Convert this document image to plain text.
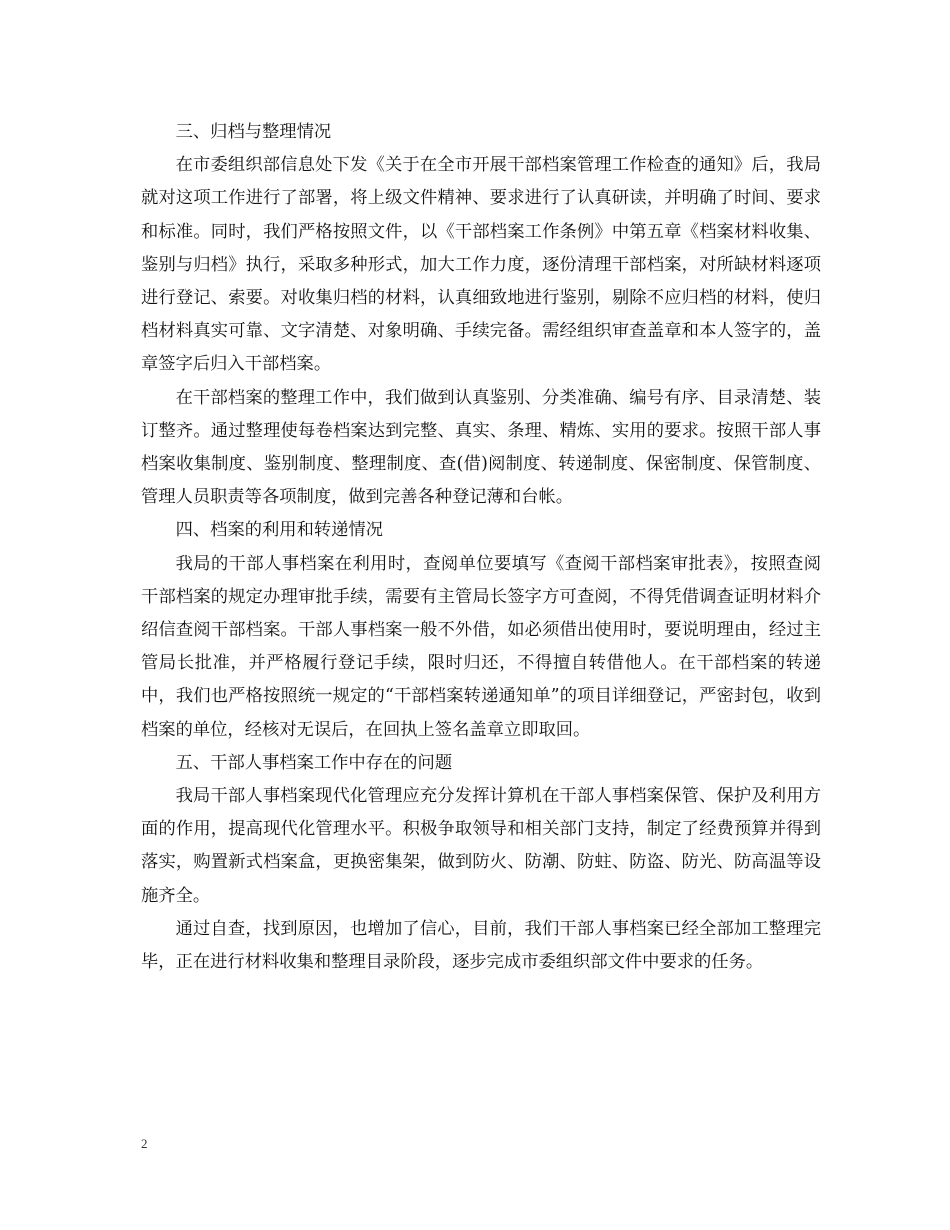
三、归档与整理情况

在市委组织部信息处下发《关于在全市开展干部档案管理工作检查的通知》后，我局就对这项工作进行了部署，将上级文件精神、要求进行了认真研读，并明确了时间、要求和标准。同时，我们严格按照文件，以《干部档案工作条例》中第五章《档案材料收集、鉴别与归档》执行，采取多种形式，加大工作力度，逐份清理干部档案，对所缺材料逐项进行登记、索要。对收集归档的材料，认真细致地进行鉴别，剔除不应归档的材料，使归档材料真实可靠、文字清楚、对象明确、手续完备。需经组织审查盖章和本人签字的，盖章签字后归入干部档案。

在干部档案的整理工作中，我们做到认真鉴别、分类准确、编号有序、目录清楚、装订整齐。通过整理使每卷档案达到完整、真实、条理、精炼、实用的要求。按照干部人事档案收集制度、鉴别制度、整理制度、查(借)阅制度、转递制度、保密制度、保管制度、管理人员职责等各项制度，做到完善各种登记薄和台帐。

四、档案的利用和转递情况

我局的干部人事档案在利用时，查阅单位要填写《查阅干部档案审批表》，按照查阅干部档案的规定办理审批手续，需要有主管局长签字方可查阅，不得凭借调查证明材料介绍信查阅干部档案。干部人事档案一般不外借，如必须借出使用时，要说明理由，经过主管局长批准，并严格履行登记手续，限时归还，不得擅自转借他人。在干部档案的转递中，我们也严格按照统一规定的“干部档案转递通知单”的项目详细登记，严密封包，收到档案的单位，经核对无误后，在回执上签名盖章立即取回。

五、干部人事档案工作中存在的问题

我局干部人事档案现代化管理应充分发挥计算机在干部人事档案保管、保护及利用方面的作用，提高现代化管理水平。积极争取领导和相关部门支持，制定了经费预算并得到落实，购置新式档案盒，更换密集架，做到防火、防潮、防蛀、防盗、防光、防高温等设施齐全。

通过自查，找到原因，也增加了信心，目前，我们干部人事档案已经全部加工整理完毕，正在进行材料收集和整理目录阶段，逐步完成市委组织部文件中要求的任务。

2
